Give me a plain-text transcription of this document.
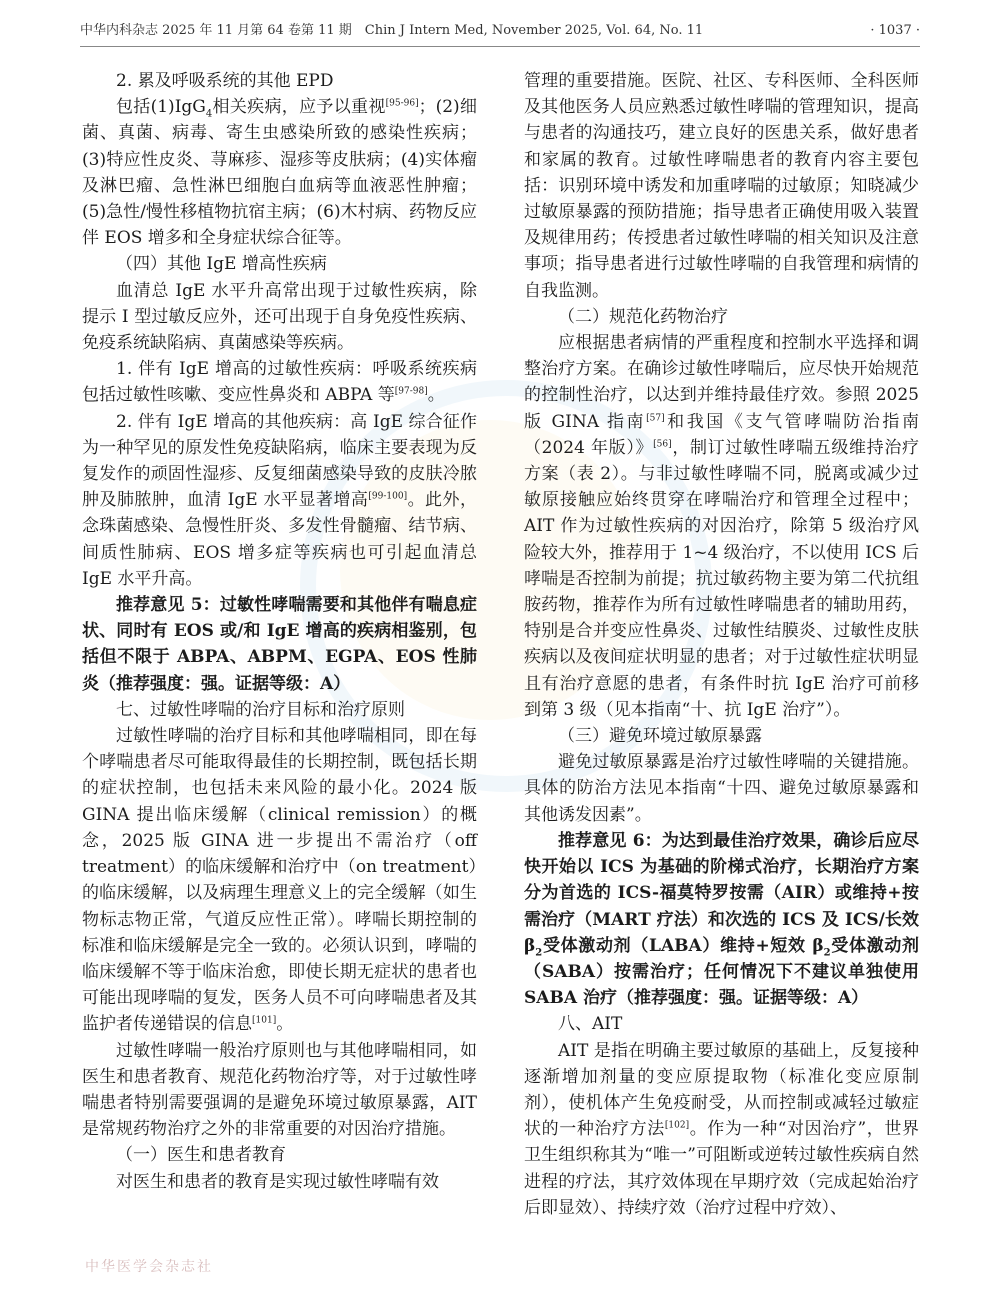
中华内科杂志 2025 年 11 月第 64 卷第 11 期　Chin J Intern Med, November 2025, Vol. 64, No. 11	· 1037 ·

2. 累及呼吸系统的其他 EPD

包括(1)IgG$_4$相关疾病，应予以重视[95-96]；(2)细菌、真菌、病毒、寄生虫感染所致的感染性疾病；(3)特应性皮炎、荨麻疹、湿疹等皮肤病；(4)实体瘤及淋巴瘤、急性淋巴细胞白血病等血液恶性肿瘤；(5)急性/慢性移植物抗宿主病；(6)木村病、药物反应伴 EOS 增多和全身症状综合征等。

（四）其他 IgE 增高性疾病

血清总 IgE 水平升高常出现于过敏性疾病，除提示 Ⅰ 型过敏反应外，还可出现于自身免疫性疾病、免疫系统缺陷病、真菌感染等疾病。

1. 伴有 IgE 增高的过敏性疾病：呼吸系统疾病包括过敏性咳嗽、变应性鼻炎和 ABPA 等[97-98]。

2. 伴有 IgE 增高的其他疾病：高 IgE 综合征作为一种罕见的原发性免疫缺陷病，临床主要表现为反复发作的顽固性湿疹、反复细菌感染导致的皮肤冷脓肿及肺脓肿，血清 IgE 水平显著增高[99-100]。此外，念珠菌感染、急慢性肝炎、多发性骨髓瘤、结节病、间质性肺病、EOS 增多症等疾病也可引起血清总 IgE 水平升高。

推荐意见 5：过敏性哮喘需要和其他伴有喘息症状、同时有 EOS 或/和 IgE 增高的疾病相鉴别，包括但不限于 ABPA、ABPM、EGPA、EOS 性肺炎（推荐强度：强。证据等级：A）

七、过敏性哮喘的治疗目标和治疗原则

过敏性哮喘的治疗目标和其他哮喘相同，即在每个哮喘患者尽可能取得最佳的长期控制，既包括长期的症状控制，也包括未来风险的最小化。2024 版 GINA 提出临床缓解（clinical remission）的概念，2025 版 GINA 进一步提出不需治疗（off treatment）的临床缓解和治疗中（on treatment）的临床缓解，以及病理生理意义上的完全缓解（如生物标志物正常，气道反应性正常）。哮喘长期控制的标准和临床缓解是完全一致的。必须认识到，哮喘的临床缓解不等于临床治愈，即使长期无症状的患者也可能出现哮喘的复发，医务人员不可向哮喘患者及其监护者传递错误的信息[101]。

过敏性哮喘一般治疗原则也与其他哮喘相同，如医生和患者教育、规范化药物治疗等，对于过敏性哮喘患者特别需要强调的是避免环境过敏原暴露，AIT 是常规药物治疗之外的非常重要的对因治疗措施。

（一）医生和患者教育

对医生和患者的教育是实现过敏性哮喘有效

管理的重要措施。医院、社区、专科医师、全科医师及其他医务人员应熟悉过敏性哮喘的管理知识，提高与患者的沟通技巧，建立良好的医患关系，做好患者和家属的教育。过敏性哮喘患者的教育内容主要包括：识别环境中诱发和加重哮喘的过敏原；知晓减少过敏原暴露的预防措施；指导患者正确使用吸入装置及规律用药；传授患者过敏性哮喘的相关知识及注意事项；指导患者进行过敏性哮喘的自我管理和病情的自我监测。

（二）规范化药物治疗

应根据患者病情的严重程度和控制水平选择和调整治疗方案。在确诊过敏性哮喘后，应尽快开始规范的控制性治疗，以达到并维持最佳疗效。参照 2025 版 GINA 指南[57]和我国《支气管哮喘防治指南（2024 年版）》[56]，制订过敏性哮喘五级维持治疗方案（表 2）。与非过敏性哮喘不同，脱离或减少过敏原接触应始终贯穿在哮喘治疗和管理全过程中；AIT 作为过敏性疾病的对因治疗，除第 5 级治疗风险较大外，推荐用于 1~4 级治疗，不以使用 ICS 后哮喘是否控制为前提；抗过敏药物主要为第二代抗组胺药物，推荐作为所有过敏性哮喘患者的辅助用药，特别是合并变应性鼻炎、过敏性结膜炎、过敏性皮肤疾病以及夜间症状明显的患者；对于过敏性症状明显且有治疗意愿的患者，有条件时抗 IgE 治疗可前移到第 3 级（见本指南“十、抗 IgE 治疗”）。

（三）避免环境过敏原暴露

避免过敏原暴露是治疗过敏性哮喘的关键措施。具体的防治方法见本指南“十四、避免过敏原暴露和其他诱发因素”。

推荐意见 6：为达到最佳治疗效果，确诊后应尽快开始以 ICS 为基础的阶梯式治疗，长期治疗方案分为首选的 ICS-福莫特罗按需（AIR）或维持+按需治疗（MART 疗法）和次选的 ICS 及 ICS/长效 $\beta_2$受体激动剂（LABA）维持+短效 $\beta_2$受体激动剂（SABA）按需治疗；任何情况下不建议单独使用 SABA 治疗（推荐强度：强。证据等级：A）

八、AIT

AIT 是指在明确主要过敏原的基础上，反复接种逐渐增加剂量的变应原提取物（标准化变应原制剂），使机体产生免疫耐受，从而控制或减轻过敏症状的一种治疗方法[102]。作为一种“对因治疗”，世界卫生组织称其为“唯一”可阻断或逆转过敏性疾病自然进程的疗法，其疗效体现在早期疗效（完成起始治疗后即显效）、持续疗效（治疗过程中疗效）、

中华医学会杂志社
